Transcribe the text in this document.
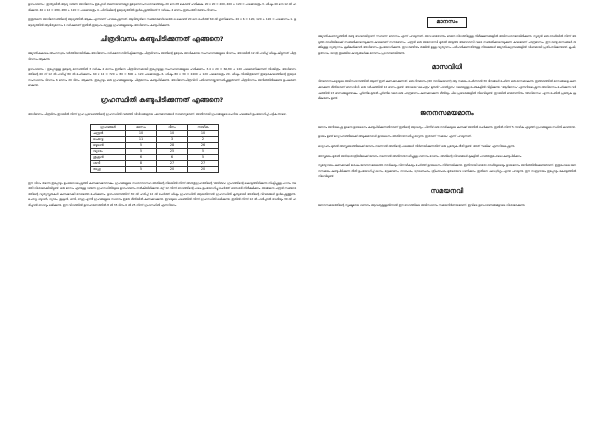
ഉദാഹരണം : ഇന്ത്യയിൽ ആദ്യ വരുന്ന അധിമാസം ഇപ്പോൾ തന്നെയാണല്ലോ ഉദ്ദേശാസംസ്ഥാനത്തെയും 20 നെ 28 കൊണ്ട് ഹരിക്കുക. 20 x 20 = 400, 400 + 120 = ഫലമായതും 3. ശിഷ്ടം 40 നെ 12 ൽ ഹരിക്കുന്നു. 40 x 12 = 480, 480 + 120 = ഫലമായതും 4. ഫിനിഷിന്റെ ഉദ്ദേശ്യത്തിൽ ഉൾപ്പെടുത്തിയത് 3 വർഷം, 4 മാസം ഇരുപത്തി രണ്ടാം ദിവസം.

ഇതുതന്നെ അധിമാസത്തിന്റെ ആദ്യത്തിൽ ആകും എന്നാണ് പറയപ്പെടുന്നത്. ആദിത്യൻറെ സഞ്ചാരമാർഗത്തെ ഒ കൊണ്ട് 20 നെ ചേർത്ത് 60 ൽ ഗുണിക്കണം. 20 x 6 = 120, 120 + 120 = ഫലമാസം 1. ഉദ്ദേശ്യത്തിൽ ആദിത്യമാസം 1 വർഷമാണ് ഇതിൽ ഇദ്ദേഹം മറ്റുള്ള ഗ്രഹങ്ങളുടെയും അധിമാസം കണ്ടുപിടിക്കുന്നു.

ചിത്രദിവസം കണ്ടുപിടിക്കുന്നത് എങ്ങനെ?

ജ്യോതിഷകാലം അംഗസ്വരം വർത്തിയായിരിക്കും അധിമാസം വർഷമാസാദിനിഷ്ടിക്കുന്നതും ചിത്രദിവസം അതിന്റെ ഉദ്ദേശം അധികമായ സംസ്ഥാനങ്ങളുടെ ദിവസം, അവയിൽ 12 ൽ ഹരിച്ച് ശിഷ്ടം കിട്ടുന്നത് ചിത്രദിവസം ആകുന്നു.

ഉദാഹരണം : ഇപ്പോഴുള്ള ഉദ്ദേശ്യ മാസത്തിൽ 3 വർഷം 4 മാസം ഇതിനെ ചിത്രദിവസമായി ഇപ്പോഴുള്ള സംസ്ഥാനങ്ങളുടെ ഹരിക്കണം. 3.4 x 20 = 60,80 + 120 ഫലമാണിക്കുന്നത് നിശ്ചിത്രം. അധിമാസത്തിന്റെ 60 ന് 12 ൽ ഹരിച്ച് 80 ൽ ചേർക്കണം. 60 x 12 = 720 + 80 = 800 + 120 ഫലമായതും 6. ശിഷ്ടം 80 x 30 = 2400 + 120 ഫലമായതും 20. ശിഷ്ടം നിശ്ചിത്രമാണ് ഇദ്ദേശകാലത്തിന്റെ ഇദ്ദേശസംസ്ഥാനം ദിവസം 6 മാസം 20 ദിനം. ആകുന്നു. ഇപ്പോഴും ഒരു ഗ്രഹങ്ങളുടെയും ചിത്രമാസം കണ്ടുപിടിക്കുന്നു. അധിമാസചിത്രവിധി പരിഗണനയ്ക്കനുസരിച്ചുള്ളതാണ് ചിത്രദിവസം അറിഞ്ഞിരിക്കേണ്ട ഉപകരണമാകുന്നു.

ഗ്രഹസ്ഥിതി കണ്ടുപിടിക്കുന്നത് എങ്ങനെ?

അധിമാസം ചിത്രദിനം ഇവയിൽ നിന്ന് ഗ്രഹ പ്രവേശത്തിന്റെ ഗ്രഹസ്ഥിതി വരുത്തി വിവിധങ്ങളായ ചലനമാനങ്ങൾ സാമാന്യമാണ്. അതിനായി ഗ്രഹങ്ങളുടെ ചെറിയ ഫലങ്ങൾ ഉപയോഗിച്ച് പട്ടിക താഴെ.

ഗ്രഹങ്ങൾ	മാസം	ദിനം	നാഴിക
ചന്ദ്രൻ	10	10	10
ചൊവ്വ	11	3	2
ബുധൻ	5	28	26
വ്യാഴം	5	25	5
ശുക്രൻ	6	6	5
ശനി	8	27	27
രാഹു	5	20	20

ഈ വിധം തന്നെ ഇപ്പോഴും ഉപയോഗപ്പെടുത്തി കണക്കാക്കാനാകും. ഗ്രഹങ്ങളുടെ സ്ഥാനാവസ്ഥ അതിന്റെ നിലയിൽ നിന്ന് അതതുഗ്രഹത്തിന്റെ 'അർത്ഥം' ഗ്രഹത്തിന്റെ കൊടുത്തിരിക്കുന്ന നിഷ്ടിച്ചുള്ള പഠനം നടത്തി വിശദമാക്കിയിട്ടുണ്ട്. ഒരു മാസം എന്നുള്ള വരുന്ന ഗ്രഹസ്ഥിതിയുടെ ഉദാഹരണം നൽകിയിരിക്കുന്നു. മറ്റ് 12 നിന്ന് ഭാഗത്തിന്റെ ഫലം ഉപയോഗിച്ചു ചേർത്ത് ശരാശരി നിരീക്ഷിക്കാം. അങ്ങനെ ചന്ദ്രൻ സഞ്ചാരത്തിന്റെ വ്യത്യസ്തതകൾ കണക്കാക്കി നേരത്തെ ചേർക്കണം. ഉദാഹരണത്തിന് 30 ൽ ഹരിച്ച് 12 ൽ ചേർത്ത് ശിഷ്ടം ഗ്രഹസ്ഥിതി ആയതിനാൽ ഗ്രഹസ്ഥിതി കൃത്യമായി അതിന്റെ വിവരങ്ങൾ ഉൾപ്പെടുത്തുന്നു. ചൊവ്വ, ബുധൻ, വ്യാഴം, ശുക്രൻ, ശനി, രാഹു എന്നീ ഗ്രഹങ്ങളുടെ സ്ഥാനം ഇതേ രീതിയിൽ കണക്കാക്കുന്നു. ഇവയുടെ ഫലത്തിൽ നിന്ന് ഗ്രഹസ്ഥിതി ലഭിക്കുന്നു. ഇതിൽ നിന്ന് 12 ൽ ഹരിച്ചാൽ രാശിയും 30 ൽ ഹരിച്ചാൽ ഭാഗവും ലഭിക്കുന്നു. ഈ വിധത്തിൽ ഉദാഹരണത്തിൽ 8 ൽ 35 ദിനം 6 ൽ 25 നിന്ന് ഗ്രഹസ്ഥിതി എന്നറിയാം.

മാനസം

ജ്യോതിഷശാസ്ത്രത്തിൽ രണ്ടു ഭാഗമായിട്ടാണ് 'സമ്പന്ന' മാനസം എന്ന് പറയുന്നത്. അവ ഓരോന്നും ഓരോ വിധത്തിലുള്ള നിരീക്ഷണങ്ങളിൽ അടിസ്ഥാനമായിരിക്കുന്നു. സൂര്യൻ ഒരു രാശിയിൽ നിന്ന് അടുത്ത രാശിയിലേക്ക് സഞ്ചരിക്കാനെടുക്കുന്ന കാലമാണ് സൗരമാസം. ചന്ദ്രൻ ഒരു അമാവാസി മുതൽ അടുത്ത അമാവാസി വരെ സഞ്ചരിക്കാനെടുക്കുന്ന കാലമാണ് ചാന്ദ്രമാസം. ഈ രണ്ടു മാസങ്ങൾ തമ്മിലുള്ള വ്യത്യാസം ക്രമീകരിക്കാൻ അധിമാസം ഉപയോഗിക്കുന്നു. ഇവ രണ്ടിനും തമ്മിൽ ഉള്ള വ്യത്യാസം പരിഹരിക്കുന്നതിനുള്ള നിയമങ്ങൾ ജ്യോതിഷഗ്രന്ഥങ്ങളിൽ വിശദമായി പ്രതിപാദിക്കുന്നുണ്ട്. കൃഷി, ഉത്സവം, യാത്ര തുടങ്ങിയ കാര്യങ്ങൾക്കു മാനസം പ്രധാനമായിരുന്നു.

മാസവിധി

ദിനമാനസംഖ്യയുടെ അടിസ്ഥാനത്തിൽ ആണ് ഇത് കണക്കാക്കുന്നത്. ഒരു ദിനമാനം (60 നാഴികയാണ്) ആ സമയം ചേർന്നാൽ 30 ദിനങ്ങൾ ചേർന്ന ഒരു മാസമാകുന്നു. ഇത്തരത്തിൽ മാസങ്ങളെ കണക്കാക്കുന്ന രീതിയാണ് മാസവിധി. ഒരു വർഷത്തിൽ 12 മാസം ഉണ്ട്. അവയെ 'ചൈത്രം' മുതൽ 'ഫാൽഗുനം' വരെയുള്ള പേരുകളിൽ വിളിക്കുന്നു. 'ആദിമാസം' എന്നറിയപ്പെടുന്ന അധിമാസം ചേർക്കുന്ന വർഷത്തിൽ 13 മാസങ്ങളുണ്ടാകും. പൂർണിമ മുതൽ പൂർണിമ വരെ ഒരു ചാന്ദ്രമാസം കണക്കാക്കുന്ന രീതിയും ചില പ്രദേശങ്ങളിൽ നിലവിലുണ്ട്. ഇവയിൽ ഓരോന്നിനും 'അധിമാസം' എന്ന പേരിൽ പ്രത്യേക ക്രമീകരണം ഉണ്ട്.

ജനനസമയമാനം

ജനനം അറിയപ്പെട്ട ഉടനെ ഉദയലഗ്നം കണ്ടുപിടിക്കുന്നതിനാണ് ഇതിന്റെ ആവശ്യം. പിന്നീട് ഒരു നാഴികയുടെ കണക്ക് അതിൽ ചേർക്കുന്നു. ഇതിൽ നിന്ന് 5 നാഴിക എടുത്ത് ഗ്രഹങ്ങളുടെ സ്ഥിതി കാണുന്നു.

ഉദയം ഉണ്ട് മധ്യാഹ്നത്തിലേക്ക് അടുക്കുമ്പോൾ ഉദയലഗ്നം അതിനനുസരിച്ചു മാറുന്നു. ഇതാണ് 'സമയം' എന്ന് പറയുന്നത്.

മധ്യാഹ്നം മുതൽ അസ്തമയത്തിലേക്ക് ജനനം നടന്നാൽ അതിന്റെ ഫലങ്ങൾ നിർണയിക്കുന്നതിന് ഒരു പ്രത്യേക രീതി ഉണ്ട്. അത് 'ഘടിക' എന്നറിയപ്പെടുന്നു.

അസ്തമയം മുതൽ അർദ്ധരാത്രിയിലേക്ക് ജനനം നടന്നാൽ അതിനനുസരിച്ചുള്ള ഗണനം വേണം. അതിന്റെ വിവരങ്ങൾ മുകളിൽ പറഞ്ഞതുപോലെ കണ്ടുപിടിക്കാം.

സൂര്യോദയം കണക്കാക്കി ശേഷം ജനനസമയത്തെ നാഴികയും വിനാഴികയും ചേർത്ത് ഉദയലഗ്നം നിർണയിക്കുന്നു. ഇതിനായി ഓരോ രാശിയുടെയും ഉദയമാനം അറിഞ്ഞിരിക്കേണ്ടതാണ്. ഇതുപോലെ ജനനസമയം കണ്ടുപിടിക്കുന്ന രീതി ഉപയോഗിച്ച് ലഗ്നം, ദ്രേക്കാണം, നവാംശം, ദ്വാദശാംശം, ത്രിംശാംശം മുതലായവ ഗണിക്കാം. ഇതിനെ ഷഡ്വർഗ്ഗം എന്നു പറയുന്നു. ഈ സമ്പ്രദായം ഇപ്പോഴും കേരളത്തിൽ നിലവിലുണ്ട്.

സമയനവി

ജനനസമയത്തിന്റെ സൂക്ഷ്മമായ ഗണനം ആവശ്യമുള്ളതിനാൽ ഈ ഭാഗത്തിലെ അടിസ്ഥാനം സമയനിർണയമാണ്. ഇവിടെ ഉദാഹരണങ്ങളോടെ വിശദമാക്കുന്നു.
